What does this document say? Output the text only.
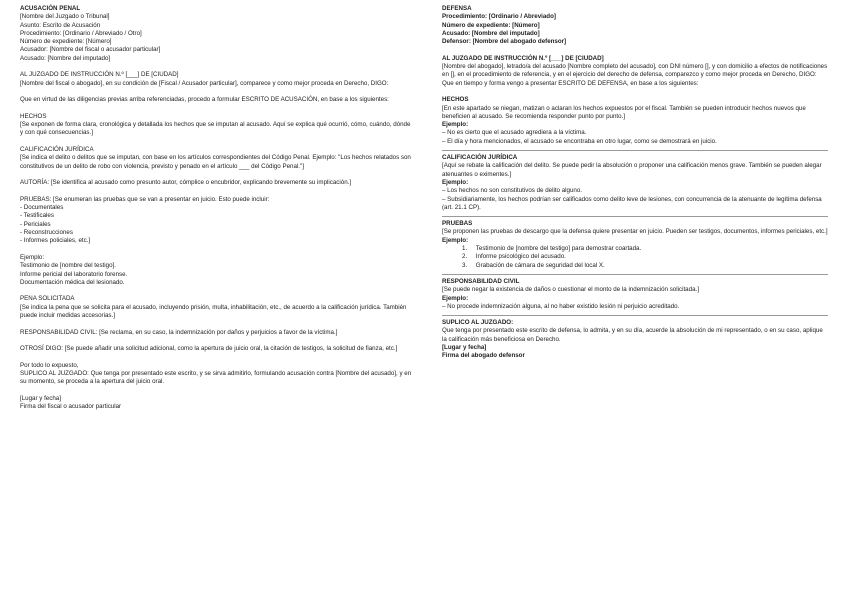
ACUSACIÓN PENAL

[Nombre del Juzgado o Tribunal]

Asunto: Escrito de Acusación

Procedimiento: [Ordinario / Abreviado / Otro]

Número de expediente: [Número]

Acusador: [Nombre del fiscal o acusador particular]

Acusado: [Nombre del imputado]

AL JUZGADO DE INSTRUCCIÓN N.º [___] DE [CIUDAD]

[Nombre del fiscal o abogado], en su condición de [Fiscal / Acusador particular], comparece y como mejor proceda en Derecho, DIGO:

Que en virtud de las diligencias previas arriba referenciadas, procedo a formular ESCRITO DE ACUSACIÓN, en base a los siguientes:

HECHOS

[Se exponen de forma clara, cronológica y detallada los hechos que se imputan al acusado. Aquí se explica qué ocurrió, cómo, cuándo, dónde y con qué consecuencias.]

CALIFICACIÓN JURÍDICA

[Se indica el delito o delitos que se imputan, con base en los artículos correspondientes del Código Penal. Ejemplo: "Los hechos relatados son constitutivos de un delito de robo con violencia, previsto y penado en el artículo ___ del Código Penal."]

AUTORÍA: [Se identifica al acusado como presunto autor, cómplice o encubridor, explicando brevemente su implicación.]

PRUEBAS: [Se enumeran las pruebas que se van a presentar en juicio. Esto puede incluir:

- Documentales

- Testificales

- Periciales

- Reconstrucciones

- Informes policiales, etc.]

Ejemplo:

Testimonio de [nombre del testigo].

Informe pericial del laboratorio forense.

Documentación médica del lesionado.

PENA SOLICITADA

[Se indica la pena que se solicita para el acusado, incluyendo prisión, multa, inhabilitación, etc., de acuerdo a la calificación jurídica. También puede incluir medidas accesorias.]

RESPONSABILIDAD CIVIL: [Se reclama, en su caso, la indemnización por daños y perjuicios a favor de la víctima.]

OTROSÍ DIGO: [Se puede añadir una solicitud adicional, como la apertura de juicio oral, la citación de testigos, la solicitud de fianza, etc.]

Por todo lo expuesto,

SUPLICO AL JUZGADO: Que tenga por presentado este escrito, y se sirva admitirlo, formulando acusación contra [Nombre del acusado], y en su momento, se proceda a la apertura del juicio oral.

[Lugar y fecha]

Firma del fiscal o acusador particular

DEFENSA

Procedimiento: [Ordinario / Abreviado]

Número de expediente: [Número]

Acusado: [Nombre del imputado]

Defensor: [Nombre del abogado defensor]

AL JUZGADO DE INSTRUCCIÓN N.º [___] DE [CIUDAD]

[Nombre del abogado], letrado/a del acusado [Nombre completo del acusado], con DNI número [], y con domicilio a efectos de notificaciones en [], en el procedimiento de referencia, y en el ejercicio del derecho de defensa, comparezco y como mejor proceda en Derecho, DIGO:

Que en tiempo y forma vengo a presentar ESCRITO DE DEFENSA, en base a los siguientes:

HECHOS

[En este apartado se niegan, matizan o aclaran los hechos expuestos por el fiscal. También se pueden introducir hechos nuevos que beneficien al acusado. Se recomienda responder punto por punto.]

Ejemplo:

– No es cierto que el acusado agrediera a la víctima.

– El día y hora mencionados, el acusado se encontraba en otro lugar, como se demostrará en juicio.

CALIFICACIÓN JURÍDICA

[Aquí se rebate la calificación del delito. Se puede pedir la absolución o proponer una calificación menos grave. También se pueden alegar atenuantes o eximentes.]

Ejemplo:

– Los hechos no son constitutivos de delito alguno.

– Subsidiariamente, los hechos podrían ser calificados como delito leve de lesiones, con concurrencia de la atenuante de legítima defensa (art. 21.1 CP).

PRUEBAS

[Se proponen las pruebas de descargo que la defensa quiere presentar en juicio. Pueden ser testigos, documentos, informes periciales, etc.]

Ejemplo:

1. Testimonio de [nombre del testigo] para demostrar coartada.

2. Informe psicológico del acusado.

3. Grabación de cámara de seguridad del local X.

RESPONSABILIDAD CIVIL

[Se puede negar la existencia de daños o cuestionar el monto de la indemnización solicitada.]

Ejemplo:

– No procede indemnización alguna, al no haber existido lesión ni perjuicio acreditado.

SUPLICO AL JUZGADO:

Que tenga por presentado este escrito de defensa, lo admita, y en su día, acuerde la absolución de mi representado, o en su caso, aplique la calificación más beneficiosa en Derecho.

[Lugar y fecha]

Firma del abogado defensor
